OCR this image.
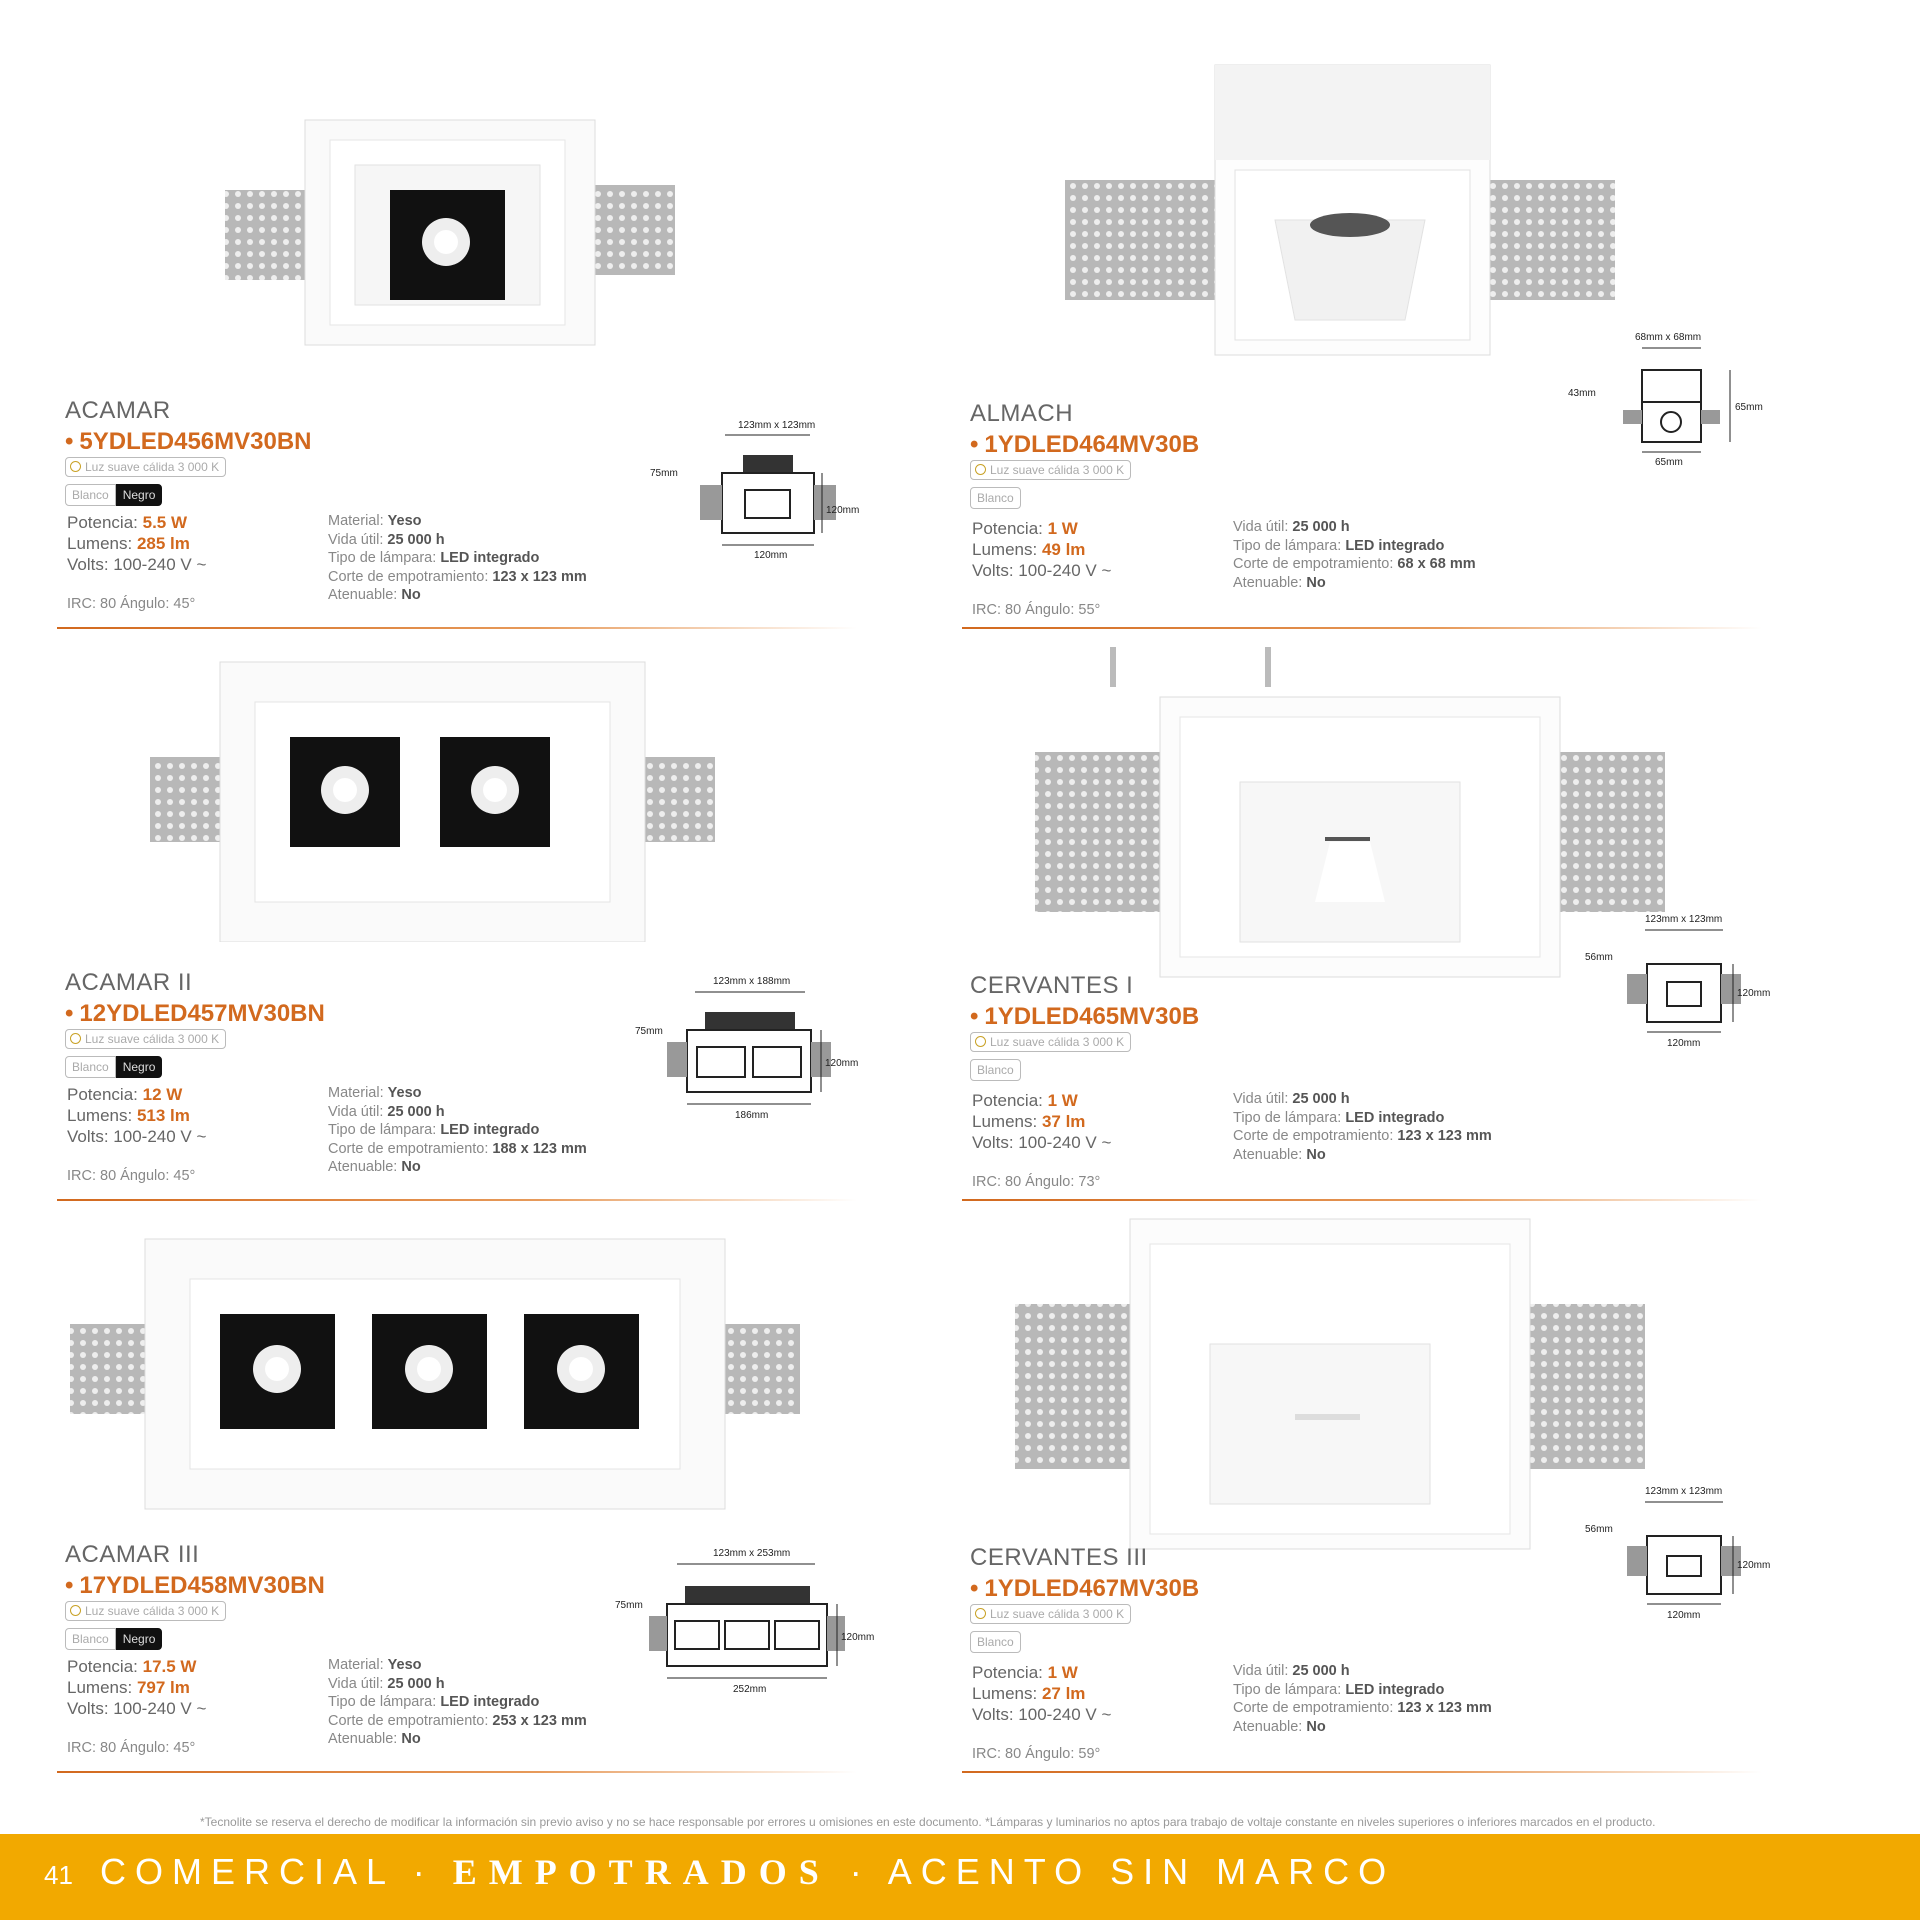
ACAMAR
• 5YDLED456MV30BN
Luz suave cálida 3 000 K
Blanco Negro
Potencia: 5.5 W
Lumens: 285 lm
Volts: 100-240 V ~
Material: Yeso
Vida útil: 25 000 h
Tipo de lámpara: LED integrado
Corte de empotramiento: 123 x 123 mm
Atenuable: No
IRC: 80 Ángulo: 45°
123mm x 123mm
75mm
120mm
120mm
ALMACH
• 1YDLED464MV30B
Luz suave cálida 3 000 K
Blanco
Potencia: 1 W
Lumens: 49 lm
Volts: 100-240 V ~
Vida útil: 25 000 h
Tipo de lámpara: LED integrado
Corte de empotramiento: 68 x 68 mm
Atenuable: No
IRC: 80 Ángulo: 55°
68mm x 68mm
43mm
65mm
65mm
ACAMAR II
• 12YDLED457MV30BN
Luz suave cálida 3 000 K
Blanco Negro
Potencia: 12 W
Lumens: 513 lm
Volts: 100-240 V ~
Material: Yeso
Vida útil: 25 000 h
Tipo de lámpara: LED integrado
Corte de empotramiento: 188 x 123 mm
Atenuable: No
IRC: 80 Ángulo: 45°
123mm x 188mm
75mm
120mm
186mm
CERVANTES I
• 1YDLED465MV30B
Luz suave cálida 3 000 K
Blanco
Potencia: 1 W
Lumens: 37 lm
Volts: 100-240 V ~
Vida útil: 25 000 h
Tipo de lámpara: LED integrado
Corte de empotramiento: 123 x 123 mm
Atenuable: No
IRC: 80 Ángulo: 73°
123mm x 123mm
56mm
120mm
120mm
ACAMAR III
• 17YDLED458MV30BN
Luz suave cálida 3 000 K
Blanco Negro
Potencia: 17.5 W
Lumens: 797 lm
Volts: 100-240 V ~
Material: Yeso
Vida útil: 25 000 h
Tipo de lámpara: LED integrado
Corte de empotramiento: 253 x 123 mm
Atenuable: No
IRC: 80 Ángulo: 45°
123mm x 253mm
75mm
120mm
252mm
CERVANTES III
• 1YDLED467MV30B
Luz suave cálida 3 000 K
Blanco
Potencia: 1 W
Lumens: 27 lm
Volts: 100-240 V ~
Vida útil: 25 000 h
Tipo de lámpara: LED integrado
Corte de empotramiento: 123 x 123 mm
Atenuable: No
IRC: 80 Ángulo: 59°
123mm x 123mm
56mm
120mm
120mm
*Tecnolite se reserva el derecho de modificar la información sin previo aviso y no se hace responsable por errores u omisiones en este documento. *Lámparas y luminarios no aptos para trabajo de voltaje constante en niveles superiores o inferiores marcados en el producto.
41 COMERCIAL · EMPOTRADOS · ACENTO SIN MARCO
